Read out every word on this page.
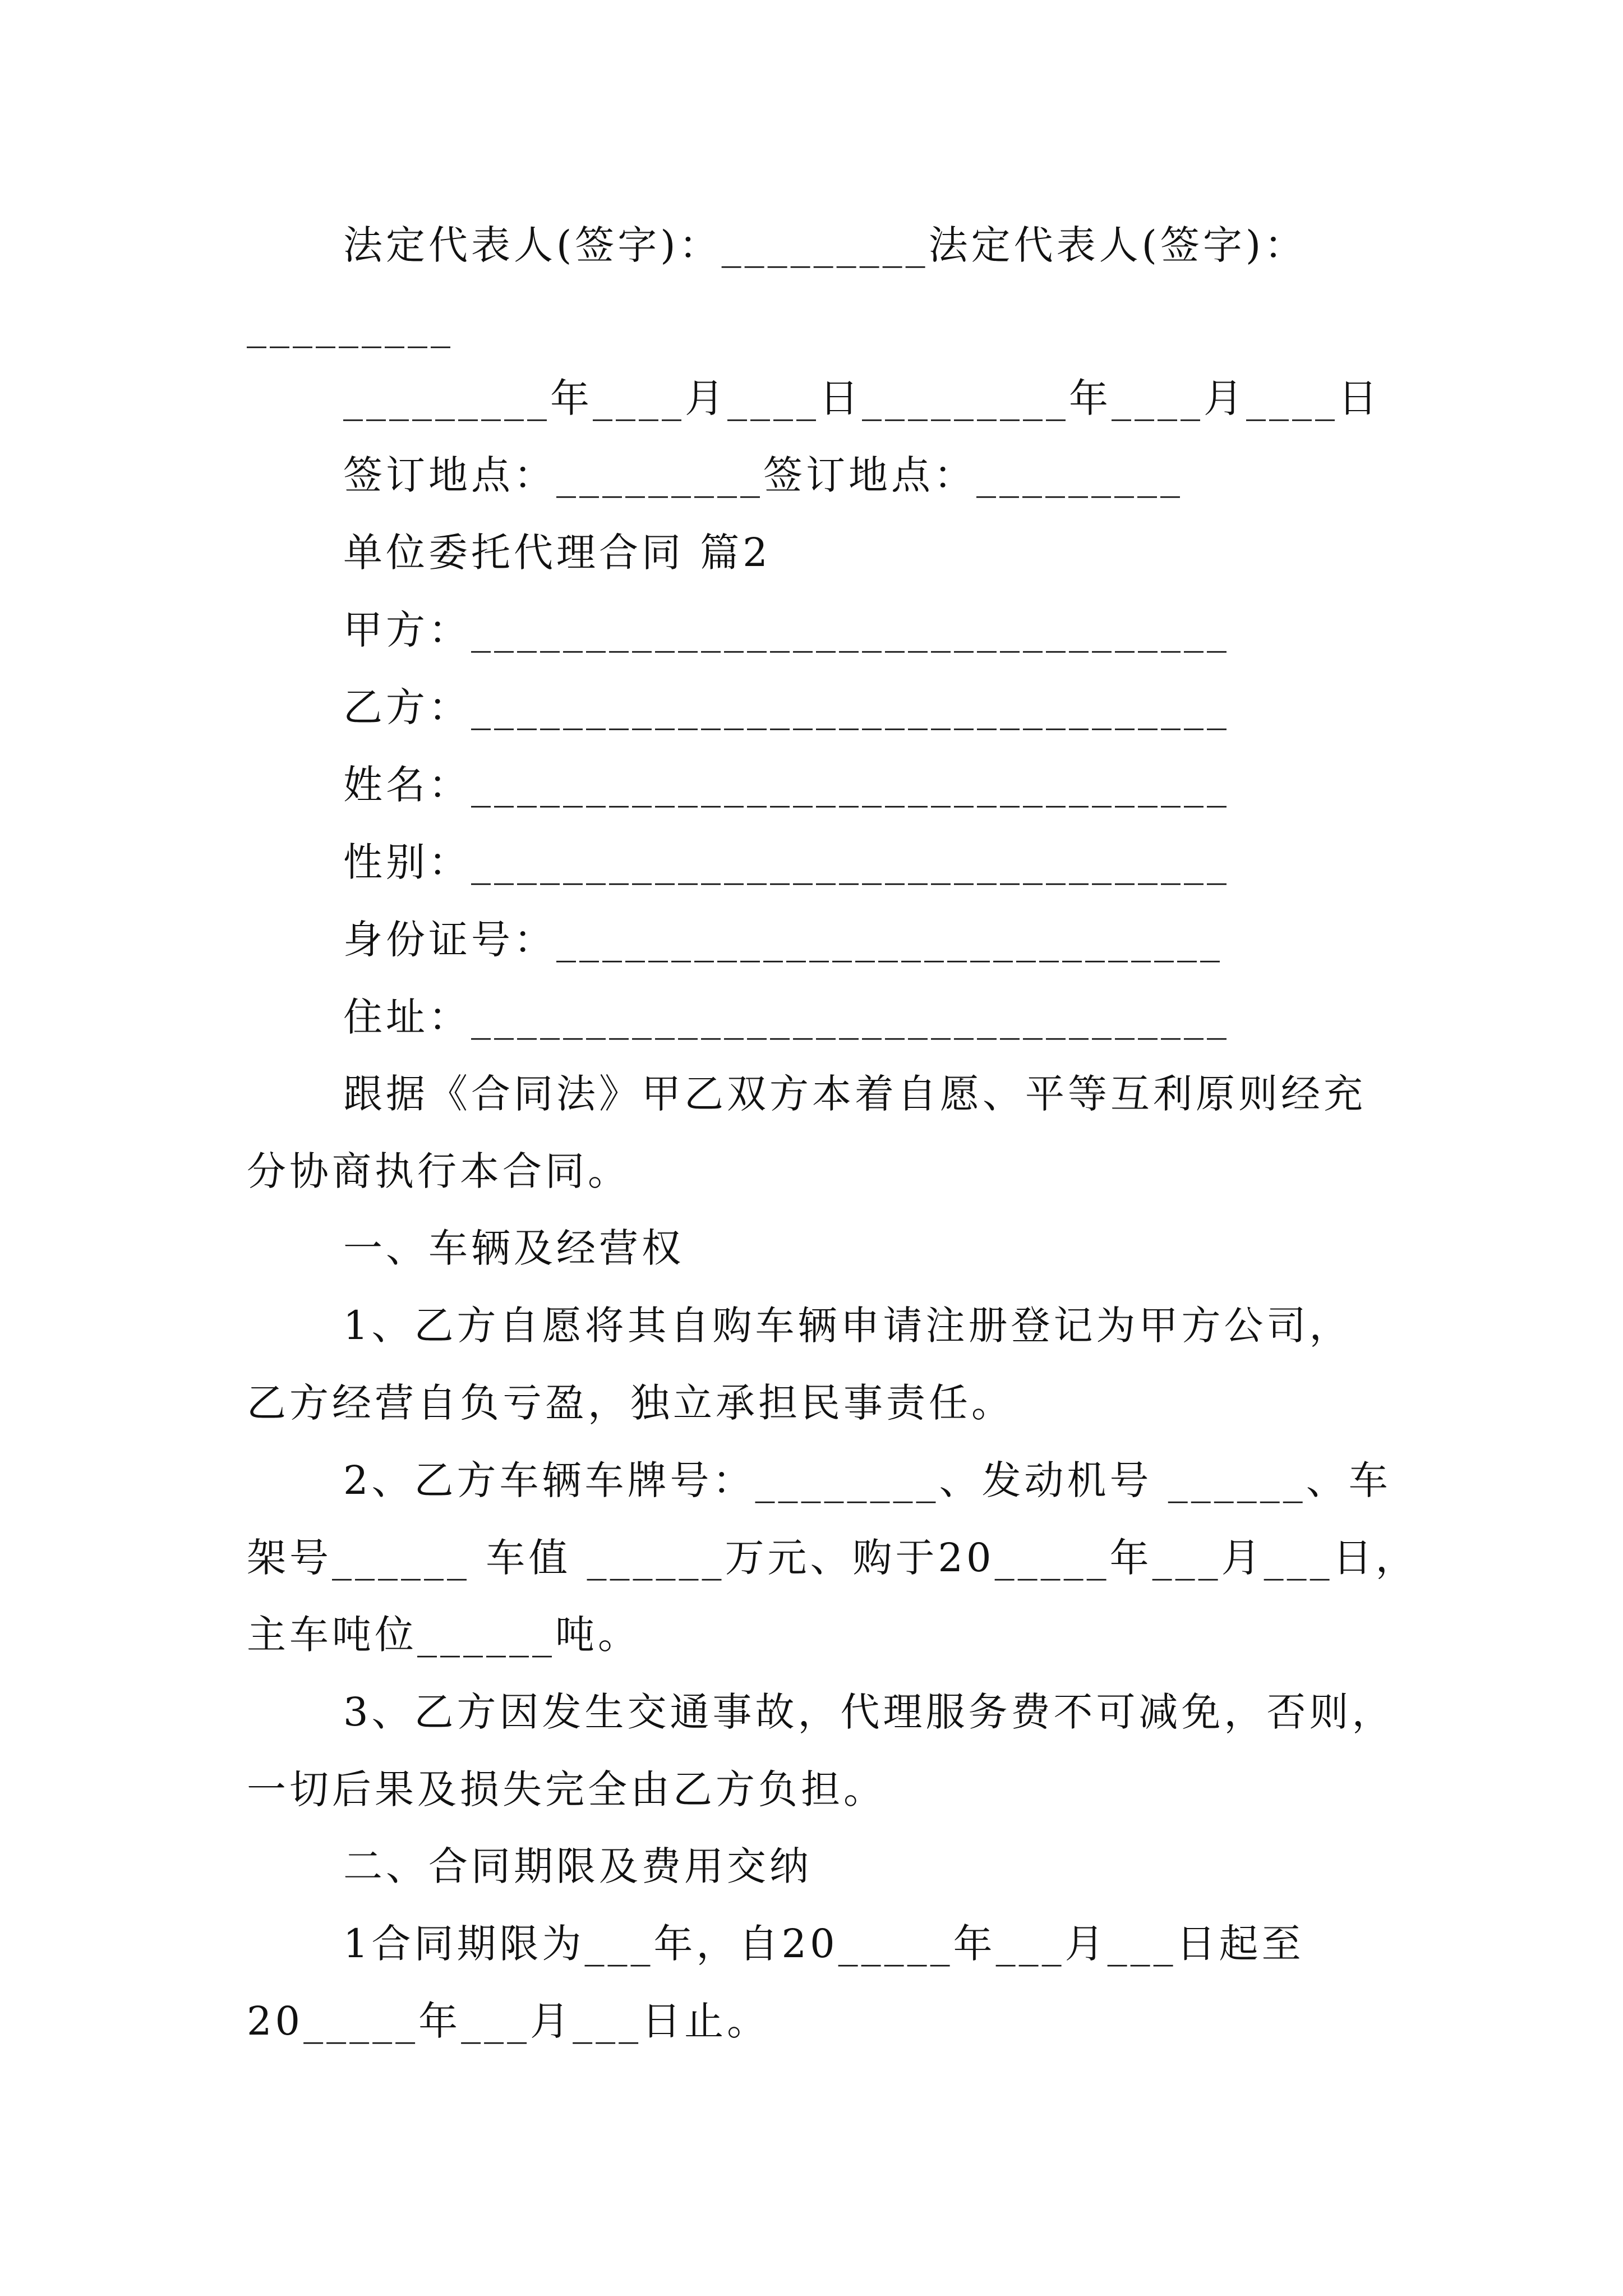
法定代表人(签字)：_________法定代表人(签字)：
_________
_________年____月____日_________年____月____日
签订地点：_________签订地点：_________
单位委托代理合同 篇2
甲方：_________________________________
乙方：_________________________________
姓名：_________________________________
性别：_________________________________
身份证号：_____________________________
住址：_________________________________
跟据《合同法》甲乙双方本着自愿、平等互利原则经充
分协商执行本合同。
一、车辆及经营权
1、乙方自愿将其自购车辆申请注册登记为甲方公司，
乙方经营自负亏盈，独立承担民事责任。
2、乙方车辆车牌号：________、发动机号 ______、车
架号______ 车值 ______万元、购于20_____年___月___日，
主车吨位______吨。
3、乙方因发生交通事故，代理服务费不可减免，否则，
一切后果及损失完全由乙方负担。
二、合同期限及费用交纳
1合同期限为___年，自20_____年___月___日起至
20_____年___月___日止。
